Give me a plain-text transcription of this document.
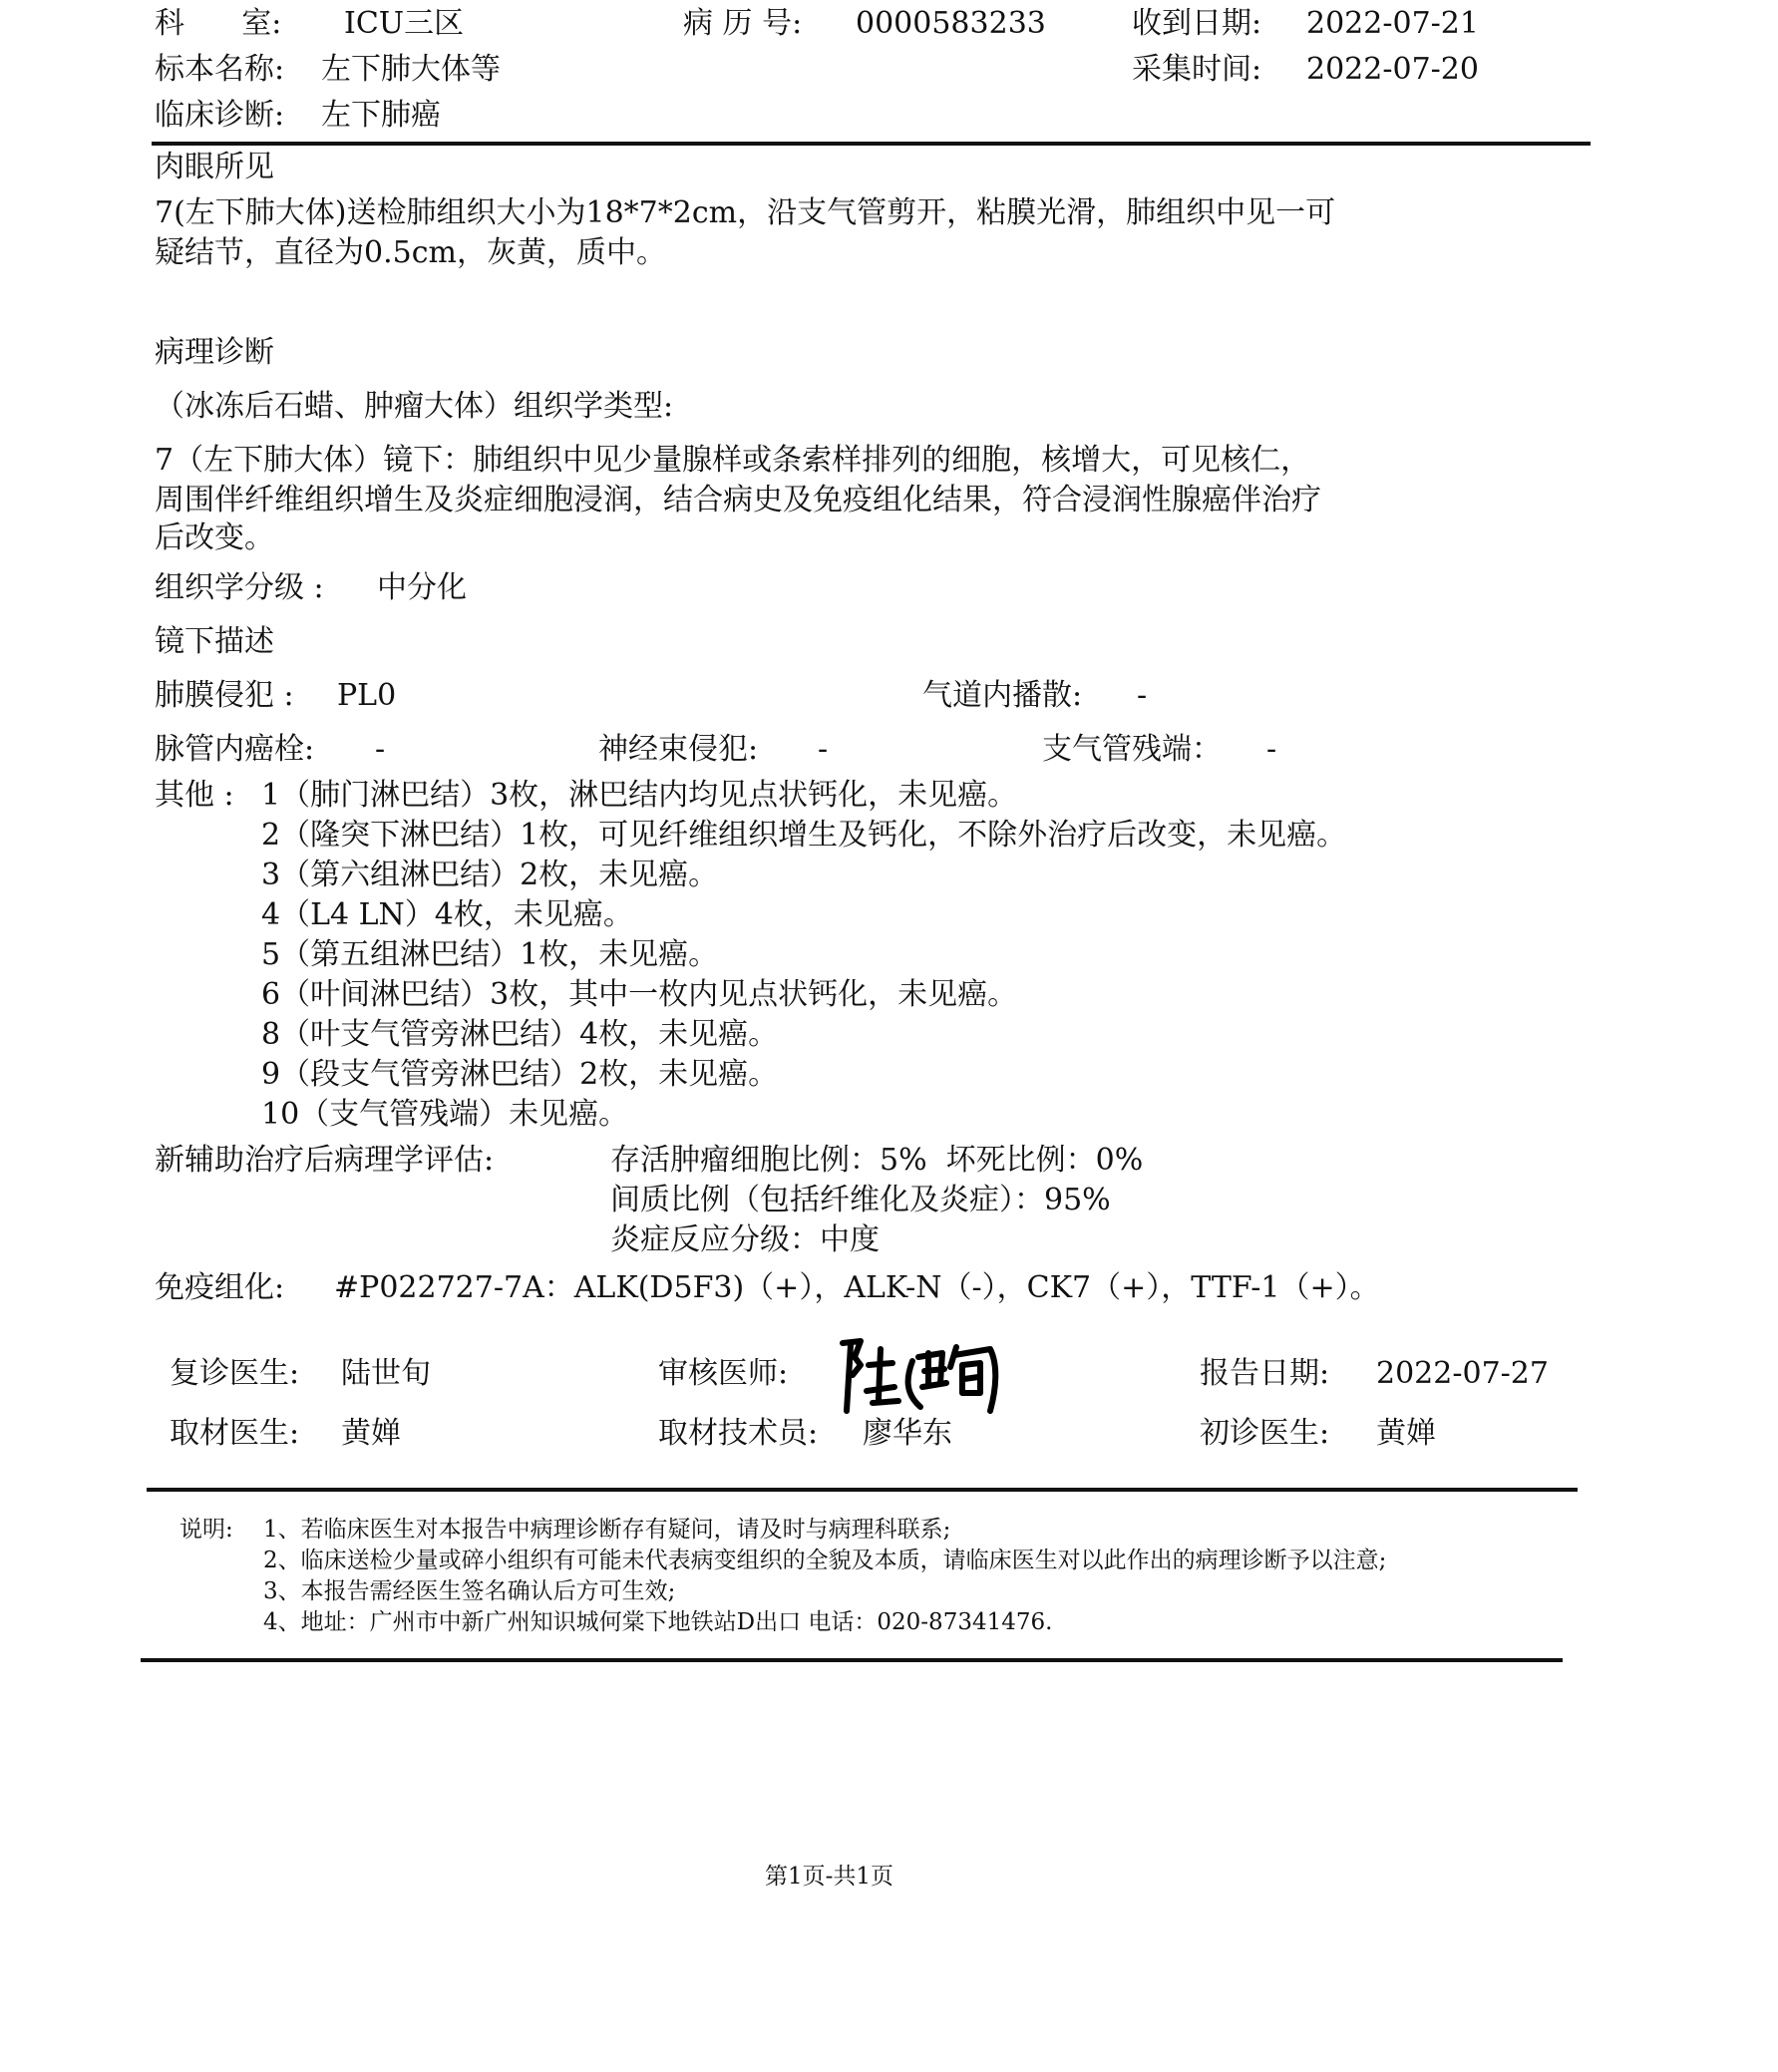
科      室: ICU三区	病 历 号: 0000583233	收到日期: 2022-07-21
标本名称: 左下肺大体等	采集时间: 2022-07-20
临床诊断: 左下肺癌
肉眼所见
7(左下肺大体)送检肺组织大小为18*7*2cm，沿支气管剪开，粘膜光滑，肺组织中见一可
疑结节，直径为0.5cm，灰黄，质中。
病理诊断
（冰冻后石蜡、肿瘤大体）组织学类型:
7（左下肺大体）镜下：肺组织中见少量腺样或条索样排列的细胞，核增大，可见核仁，
周围伴纤维组织增生及炎症细胞浸润，结合病史及免疫组化结果，符合浸润性腺癌伴治疗
后改变。
组织学分级 : 中分化
镜下描述
肺膜侵犯 : PL0	气道内播散: -
脉管内癌栓: -	神经束侵犯: -	支气管残端： -
其他 : 1（肺门淋巴结）3枚，淋巴结内均见点状钙化，未见癌。
2（隆突下淋巴结）1枚，可见纤维组织增生及钙化，不除外治疗后改变，未见癌。
3（第六组淋巴结）2枚，未见癌。
4（L4 LN）4枚，未见癌。
5（第五组淋巴结）1枚，未见癌。
6（叶间淋巴结）3枚，其中一枚内见点状钙化，未见癌。
8（叶支气管旁淋巴结）4枚，未见癌。
9（段支气管旁淋巴结）2枚，未见癌。
10（支气管残端）未见癌。
新辅助治疗后病理学评估:	存活肿瘤细胞比例：5%  坏死比例：0%
间质比例（包括纤维化及炎症）：95%
炎症反应分级：中度
免疫组化: #P022727-7A：ALK(D5F3)（+），ALK-N（-），CK7（+），TTF-1（+）。
复诊医生: 陆世旬	审核医师:	报告日期: 2022-07-27
取材医生: 黄婵	取材技术员: 廖华东	初诊医生: 黄婵
说明: 1、若临床医生对本报告中病理诊断存有疑问，请及时与病理科联系;
2、临床送检少量或碎小组织有可能未代表病变组织的全貌及本质，请临床医生对以此作出的病理诊断予以注意;
3、本报告需经医生签名确认后方可生效;
4、地址：广州市中新广州知识城何棠下地铁站D出口 电话：020-87341476.
第1页-共1页
